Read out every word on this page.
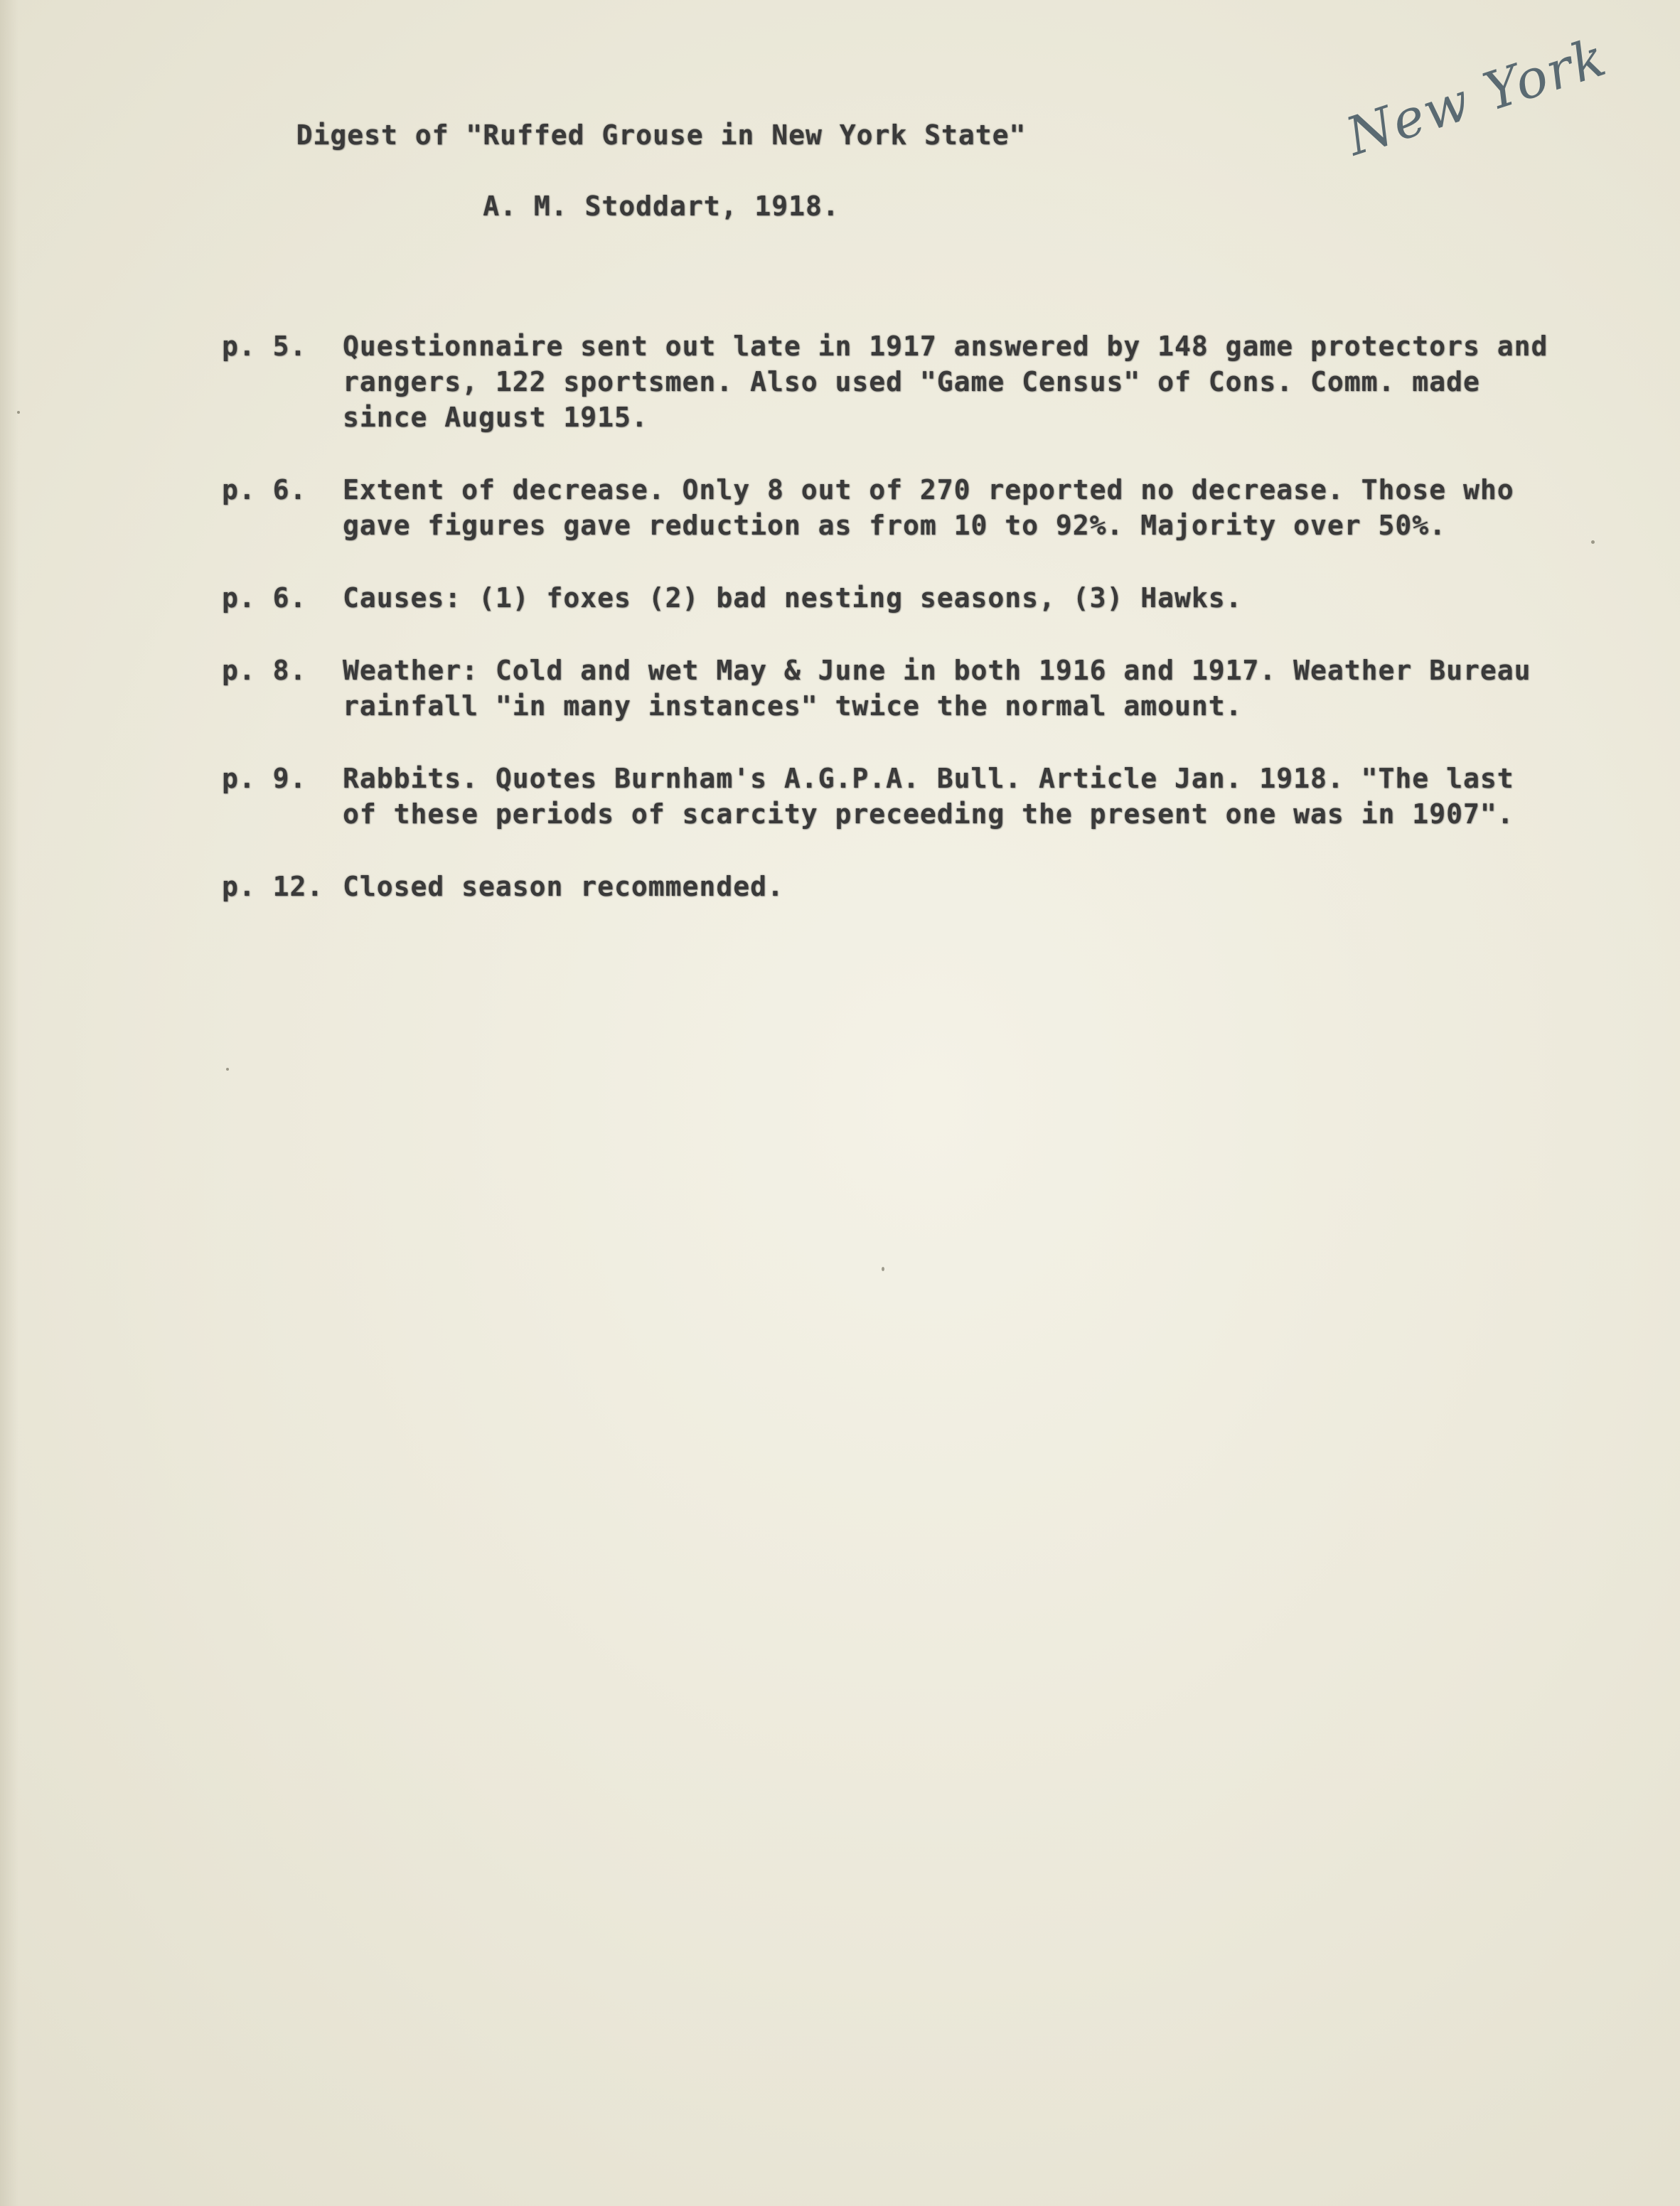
Digest of "Ruffed Grouse in New York State"
A. M. Stoddart, 1918.
New York
p. 5.	Questionnaire sent out late in 1917 answered by 148 game protectors and rangers, 122 sportsmen. Also used "Game Census" of Cons. Comm. made since August 1915.
p. 6.	Extent of decrease. Only 8 out of 270 reported no decrease. Those who gave figures gave reduction as from 10 to 92%. Majority over 50%.
p. 6.	Causes: (1) foxes (2) bad nesting seasons, (3) Hawks.
p. 8.	Weather: Cold and wet May & June in both 1916 and 1917. Weather Bureau rainfall "in many instances" twice the normal amount.
p. 9.	Rabbits. Quotes Burnham's A.G.P.A. Bull. Article Jan. 1918. "The last of these periods of scarcity preceeding the present one was in 1907".
p. 12. Closed season recommended.
